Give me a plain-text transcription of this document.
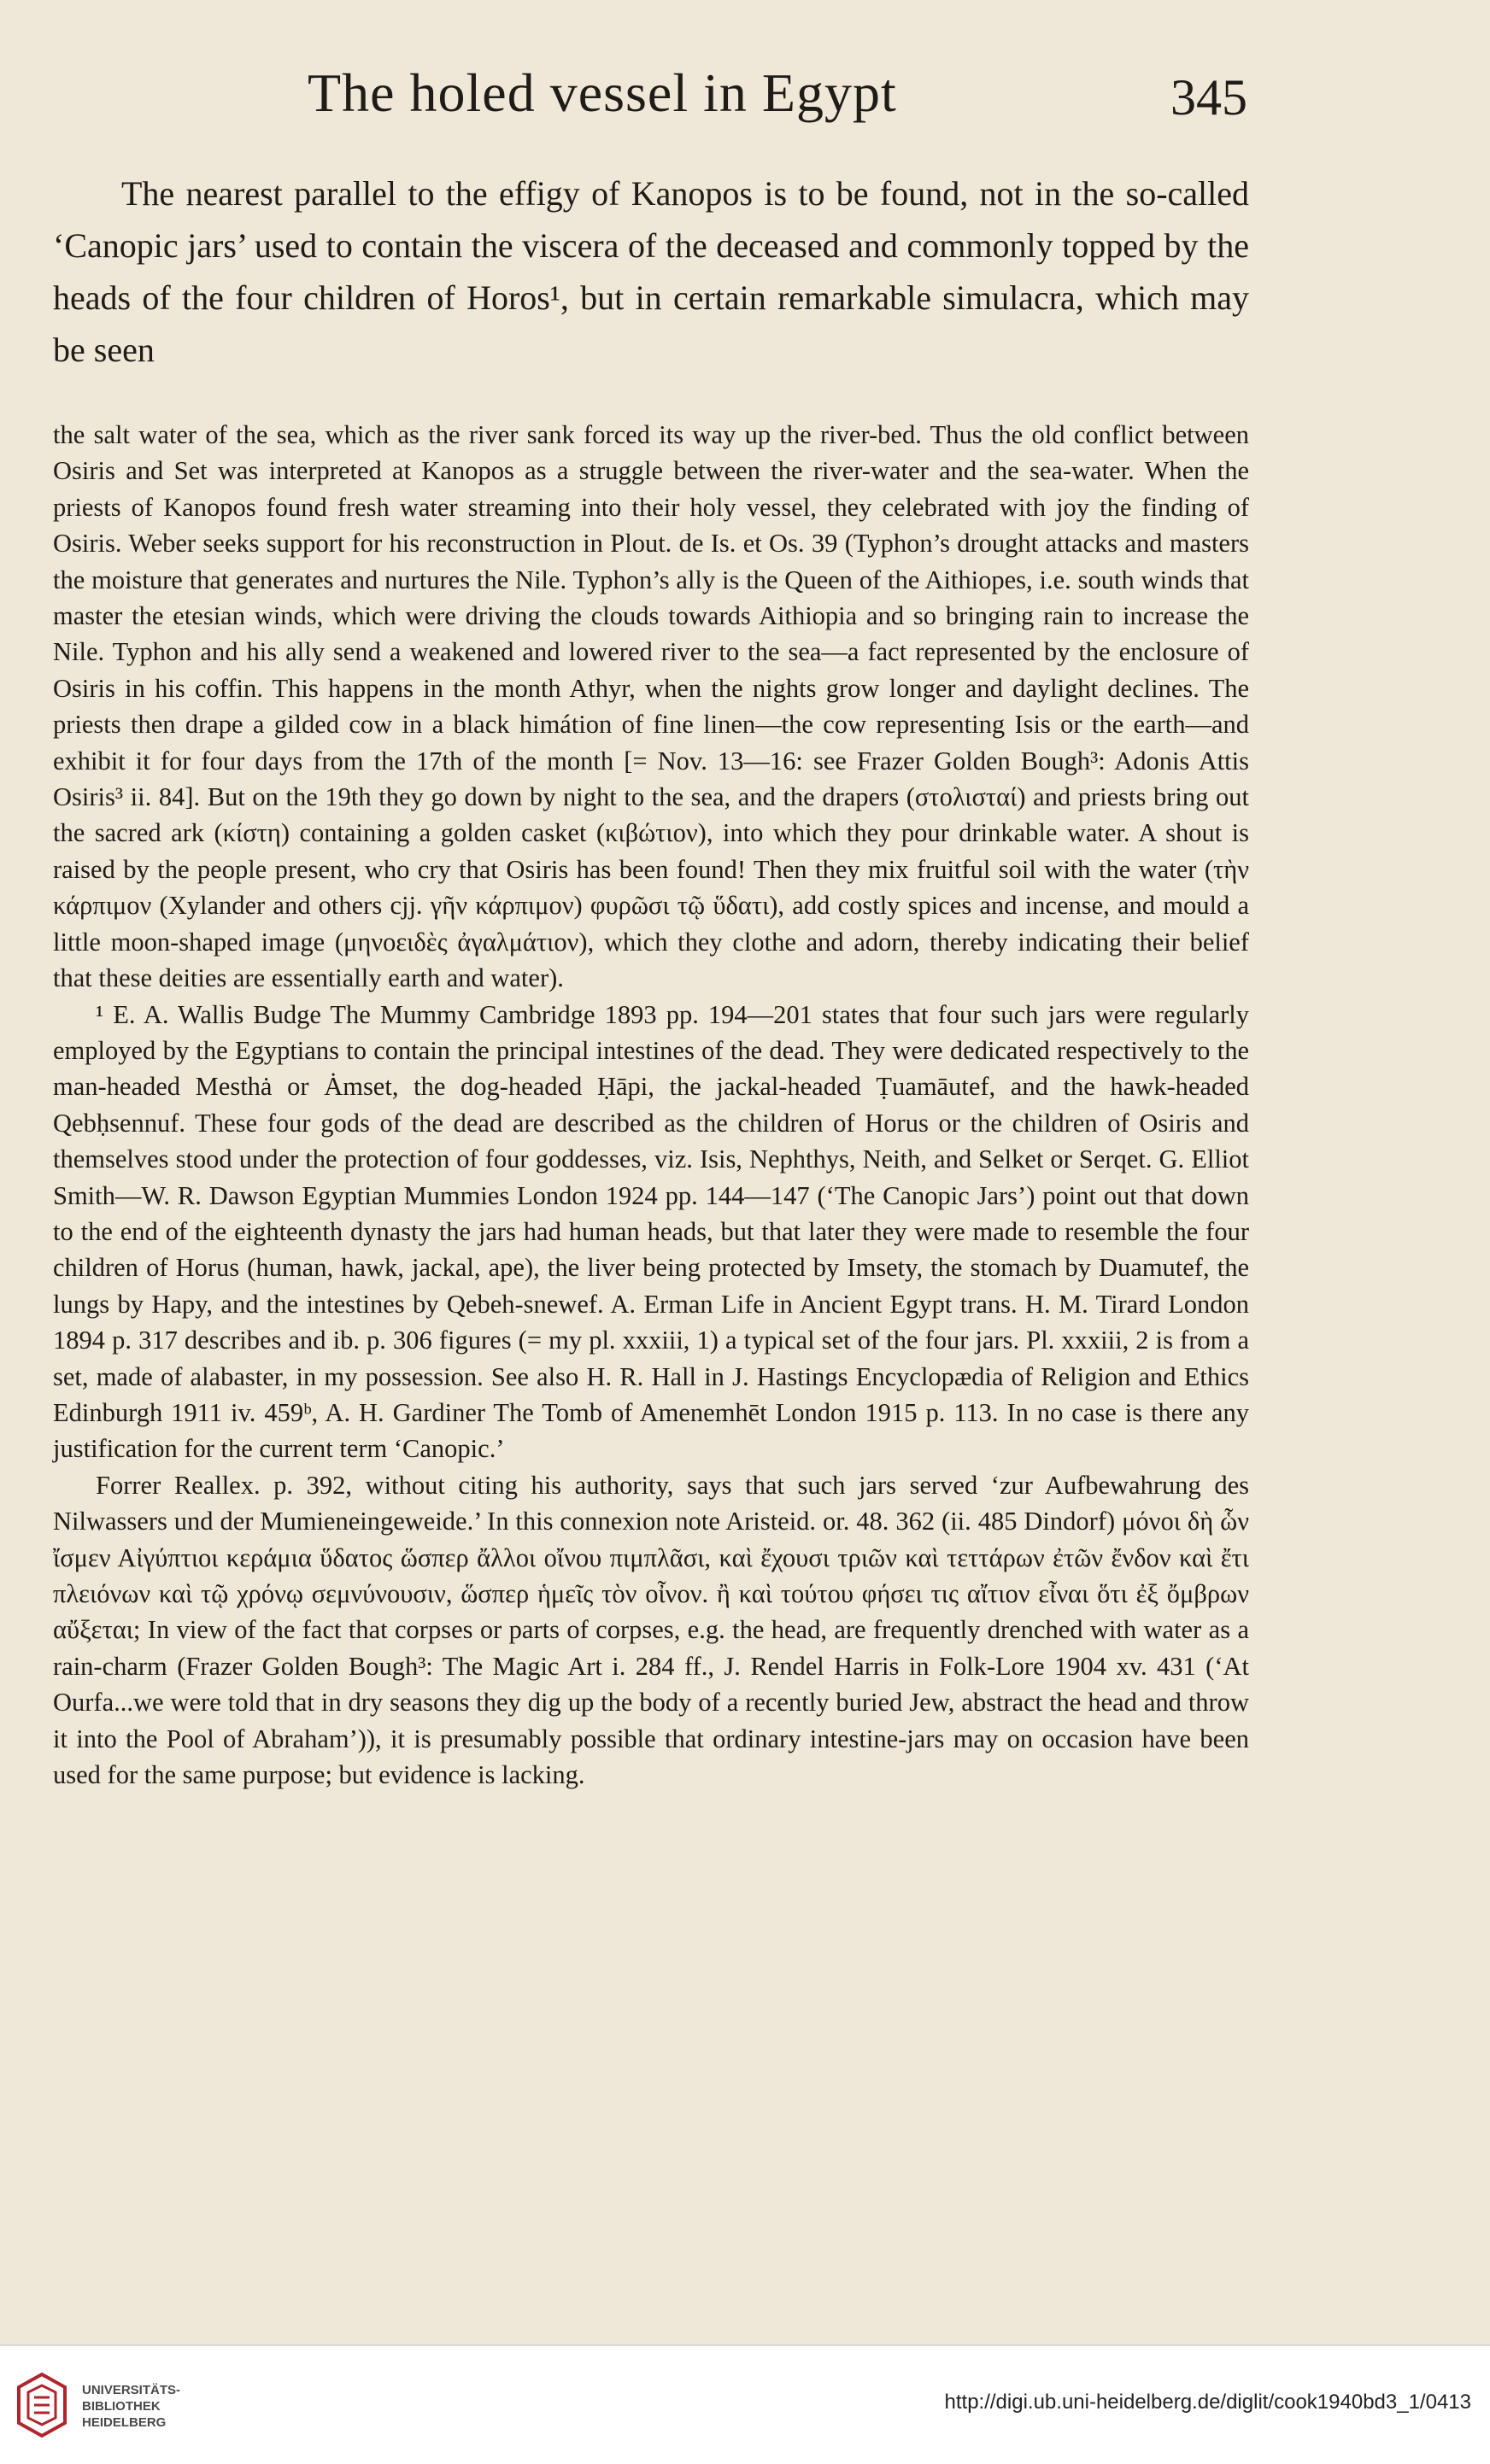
The holed vessel in Egypt	345

The nearest parallel to the effigy of Kanopos is to be found, not in the so-called ‘Canopic jars’ used to contain the viscera of the deceased and commonly topped by the heads of the four children of Horos¹, but in certain remarkable simulacra, which may be seen

the salt water of the sea, which as the river sank forced its way up the river-bed. Thus the old conflict between Osiris and Set was interpreted at Kanopos as a struggle between the river-water and the sea-water. When the priests of Kanopos found fresh water streaming into their holy vessel, they celebrated with joy the finding of Osiris. Weber seeks support for his reconstruction in Plout. de Is. et Os. 39 (Typhon’s drought attacks and masters the moisture that generates and nurtures the Nile. Typhon’s ally is the Queen of the Aithiopes, i.e. south winds that master the etesian winds, which were driving the clouds towards Aithiopia and so bringing rain to increase the Nile. Typhon and his ally send a weakened and lowered river to the sea—a fact represented by the enclosure of Osiris in his coffin. This happens in the month Athyr, when the nights grow longer and daylight declines. The priests then drape a gilded cow in a black himátion of fine linen—the cow representing Isis or the earth—and exhibit it for four days from the 17th of the month [= Nov. 13—16: see Frazer Golden Bough³: Adonis Attis Osiris³ ii. 84]. But on the 19th they go down by night to the sea, and the drapers (στολισταί) and priests bring out the sacred ark (κίστη) containing a golden casket (κιβώτιον), into which they pour drinkable water. A shout is raised by the people present, who cry that Osiris has been found! Then they mix fruitful soil with the water (τὴν κάρπιμον (Xylander and others cjj. γῆν κάρπιμον) φυρῶσι τῷ ὕδατι), add costly spices and incense, and mould a little moon-shaped image (μηνοειδὲς ἀγαλμάτιον), which they clothe and adorn, thereby indicating their belief that these deities are essentially earth and water).

¹ E. A. Wallis Budge The Mummy Cambridge 1893 pp. 194—201 states that four such jars were regularly employed by the Egyptians to contain the principal intestines of the dead. They were dedicated respectively to the man-headed Mesthȧ or Ȧmset, the dog-headed Ḥāpi, the jackal-headed Ṭuamāutef, and the hawk-headed Qebḥsennuf. These four gods of the dead are described as the children of Horus or the children of Osiris and themselves stood under the protection of four goddesses, viz. Isis, Nephthys, Neith, and Selket or Serqet. G. Elliot Smith—W. R. Dawson Egyptian Mummies London 1924 pp. 144—147 (‘The Canopic Jars’) point out that down to the end of the eighteenth dynasty the jars had human heads, but that later they were made to resemble the four children of Horus (human, hawk, jackal, ape), the liver being protected by Imsety, the stomach by Duamutef, the lungs by Hapy, and the intestines by Qebeh-snewef. A. Erman Life in Ancient Egypt trans. H. M. Tirard London 1894 p. 317 describes and ib. p. 306 figures (= my pl. xxxiii, 1) a typical set of the four jars. Pl. xxxiii, 2 is from a set, made of alabaster, in my possession. See also H. R. Hall in J. Hastings Encyclopædia of Religion and Ethics Edinburgh 1911 iv. 459ᵇ, A. H. Gardiner The Tomb of Amenemhēt London 1915 p. 113. In no case is there any justification for the current term ‘Canopic.’

Forrer Reallex. p. 392, without citing his authority, says that such jars served ‘zur Aufbewahrung des Nilwassers und der Mumieneingeweide.’ In this connexion note Aristeid. or. 48. 362 (ii. 485 Dindorf) μόνοι δὴ ὧν ἴσμεν Αἰγύπτιοι κεράμια ὕδατος ὥσπερ ἄλλοι οἴνου πιμπλᾶσι, καὶ ἔχουσι τριῶν καὶ τεττάρων ἐτῶν ἔνδον καὶ ἔτι πλειόνων καὶ τῷ χρόνῳ σεμνύνουσιν, ὥσπερ ἡμεῖς τὸν οἶνον. ἢ καὶ τούτου φήσει τις αἴτιον εἶναι ὅτι ἐξ ὄμβρων αὔξεται; In view of the fact that corpses or parts of corpses, e.g. the head, are frequently drenched with water as a rain-charm (Frazer Golden Bough³: The Magic Art i. 284 ff., J. Rendel Harris in Folk-Lore 1904 xv. 431 (‘At Ourfa...we were told that in dry seasons they dig up the body of a recently buried Jew, abstract the head and throw it into the Pool of Abraham’)), it is presumably possible that ordinary intestine-jars may on occasion have been used for the same purpose; but evidence is lacking.

UNIVERSITÄTS-
BIBLIOTHEK
HEIDELBERG
http://digi.ub.uni-heidelberg.de/diglit/cook1940bd3_1/0413
